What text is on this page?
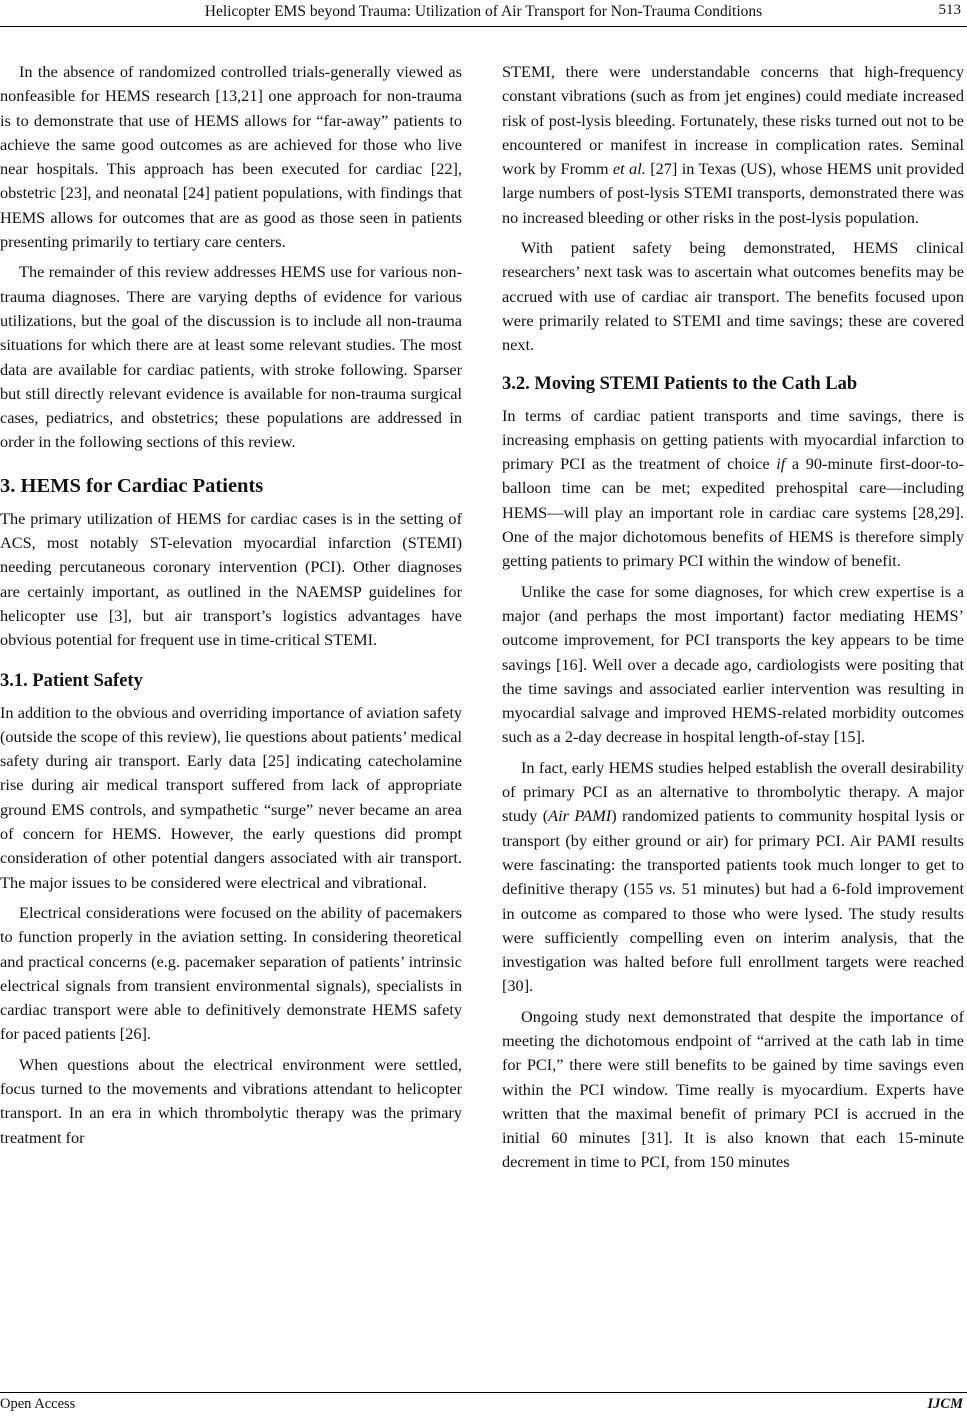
Helicopter EMS beyond Trauma: Utilization of Air Transport for Non-Trauma Conditions	513

In the absence of randomized controlled trials-generally viewed as nonfeasible for HEMS research [13,21] one approach for non-trauma is to demonstrate that use of HEMS allows for “far-away” patients to achieve the same good outcomes as are achieved for those who live near hospitals. This approach has been executed for cardiac [22], obstetric [23], and neonatal [24] patient populations, with findings that HEMS allows for outcomes that are as good as those seen in patients presenting primarily to tertiary care centers.

The remainder of this review addresses HEMS use for various non-trauma diagnoses. There are varying depths of evidence for various utilizations, but the goal of the discussion is to include all non-trauma situations for which there are at least some relevant studies. The most data are available for cardiac patients, with stroke following. Sparser but still directly relevant evidence is available for non-trauma surgical cases, pediatrics, and obstetrics; these populations are addressed in order in the following sections of this review.

3. HEMS for Cardiac Patients

The primary utilization of HEMS for cardiac cases is in the setting of ACS, most notably ST-elevation myocardial infarction (STEMI) needing percutaneous coronary intervention (PCI). Other diagnoses are certainly important, as outlined in the NAEMSP guidelines for helicopter use [3], but air transport’s logistics advantages have obvious potential for frequent use in time-critical STEMI.

3.1. Patient Safety

In addition to the obvious and overriding importance of aviation safety (outside the scope of this review), lie questions about patients’ medical safety during air transport. Early data [25] indicating catecholamine rise during air medical transport suffered from lack of appropriate ground EMS controls, and sympathetic “surge” never became an area of concern for HEMS. However, the early questions did prompt consideration of other potential dangers associated with air transport. The major issues to be considered were electrical and vibrational.

Electrical considerations were focused on the ability of pacemakers to function properly in the aviation setting. In considering theoretical and practical concerns (e.g. pacemaker separation of patients’ intrinsic electrical signals from transient environmental signals), specialists in cardiac transport were able to definitively demonstrate HEMS safety for paced patients [26].

When questions about the electrical environment were settled, focus turned to the movements and vibrations attendant to helicopter transport. In an era in which thrombolytic therapy was the primary treatment for

STEMI, there were understandable concerns that high-frequency constant vibrations (such as from jet engines) could mediate increased risk of post-lysis bleeding. Fortunately, these risks turned out not to be encountered or manifest in increase in complication rates. Seminal work by Fromm et al. [27] in Texas (US), whose HEMS unit provided large numbers of post-lysis STEMI transports, demonstrated there was no increased bleeding or other risks in the post-lysis population.

With patient safety being demonstrated, HEMS clinical researchers’ next task was to ascertain what outcomes benefits may be accrued with use of cardiac air transport. The benefits focused upon were primarily related to STEMI and time savings; these are covered next.

3.2. Moving STEMI Patients to the Cath Lab

In terms of cardiac patient transports and time savings, there is increasing emphasis on getting patients with myocardial infarction to primary PCI as the treatment of choice if a 90-minute first-door-to-balloon time can be met; expedited prehospital care—including HEMS—will play an important role in cardiac care systems [28,29]. One of the major dichotomous benefits of HEMS is therefore simply getting patients to primary PCI within the window of benefit.

Unlike the case for some diagnoses, for which crew expertise is a major (and perhaps the most important) factor mediating HEMS’ outcome improvement, for PCI transports the key appears to be time savings [16]. Well over a decade ago, cardiologists were positing that the time savings and associated earlier intervention was resulting in myocardial salvage and improved HEMS-related morbidity outcomes such as a 2-day decrease in hospital length-of-stay [15].

In fact, early HEMS studies helped establish the overall desirability of primary PCI as an alternative to thrombolytic therapy. A major study (Air PAMI) randomized patients to community hospital lysis or transport (by either ground or air) for primary PCI. Air PAMI results were fascinating: the transported patients took much longer to get to definitive therapy (155 vs. 51 minutes) but had a 6-fold improvement in outcome as compared to those who were lysed. The study results were sufficiently compelling even on interim analysis, that the investigation was halted before full enrollment targets were reached [30].

Ongoing study next demonstrated that despite the importance of meeting the dichotomous endpoint of “arrived at the cath lab in time for PCI,” there were still benefits to be gained by time savings even within the PCI window. Time really is myocardium. Experts have written that the maximal benefit of primary PCI is accrued in the initial 60 minutes [31]. It is also known that each 15-minute decrement in time to PCI, from 150 minutes

Open Access	IJCM
